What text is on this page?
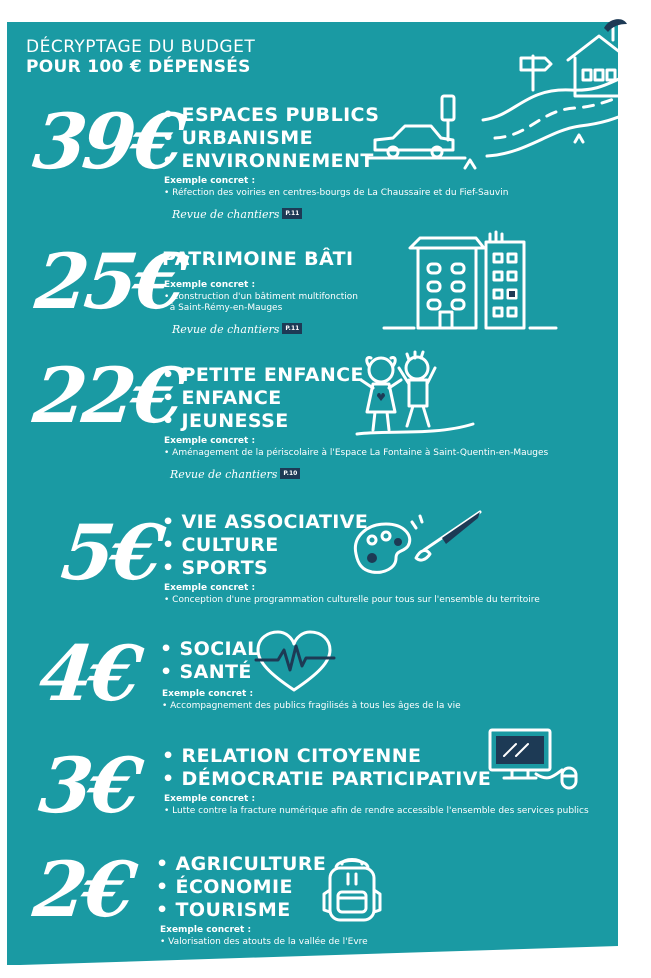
DÉCRYPTAGE DU BUDGET
POUR 100 € DÉPENSÉS
39€
• ESPACES PUBLICS
• URBANISME
• ENVIRONNEMENT
Exemple concret :
• Réfection des voiries en centres-bourgs de La Chaussaire et du Fief-Sauvin
Revue de chantiers P.11
25€
PATRIMOINE BÂTI
Exemple concret :
• Construction d'un bâtiment multifonction
à Saint-Rémy-en-Mauges
Revue de chantiers P.11
22€
• PETITE ENFANCE
• ENFANCE
• JEUNESSE
Exemple concret :
• Aménagement de la périscolaire à l'Espace La Fontaine à Saint-Quentin-en-Mauges
Revue de chantiers P.10
5€
• VIE ASSOCIATIVE
• CULTURE
• SPORTS
Exemple concret :
• Conception d'une programmation culturelle pour tous sur l'ensemble du territoire
4€ • SOCIAL
• SANTÉ
Exemple concret :
• Accompagnement des publics fragilisés à tous les âges de la vie
3€ • RELATION CITOYENNE
• DÉMOCRATIE PARTICIPATIVE
Exemple concret :
• Lutte contre la fracture numérique afin de rendre accessible l'ensemble des services publics
2€ • AGRICULTURE
• ÉCONOMIE
• TOURISME
Exemple concret :
• Valorisation des atouts de la vallée de l'Evre
